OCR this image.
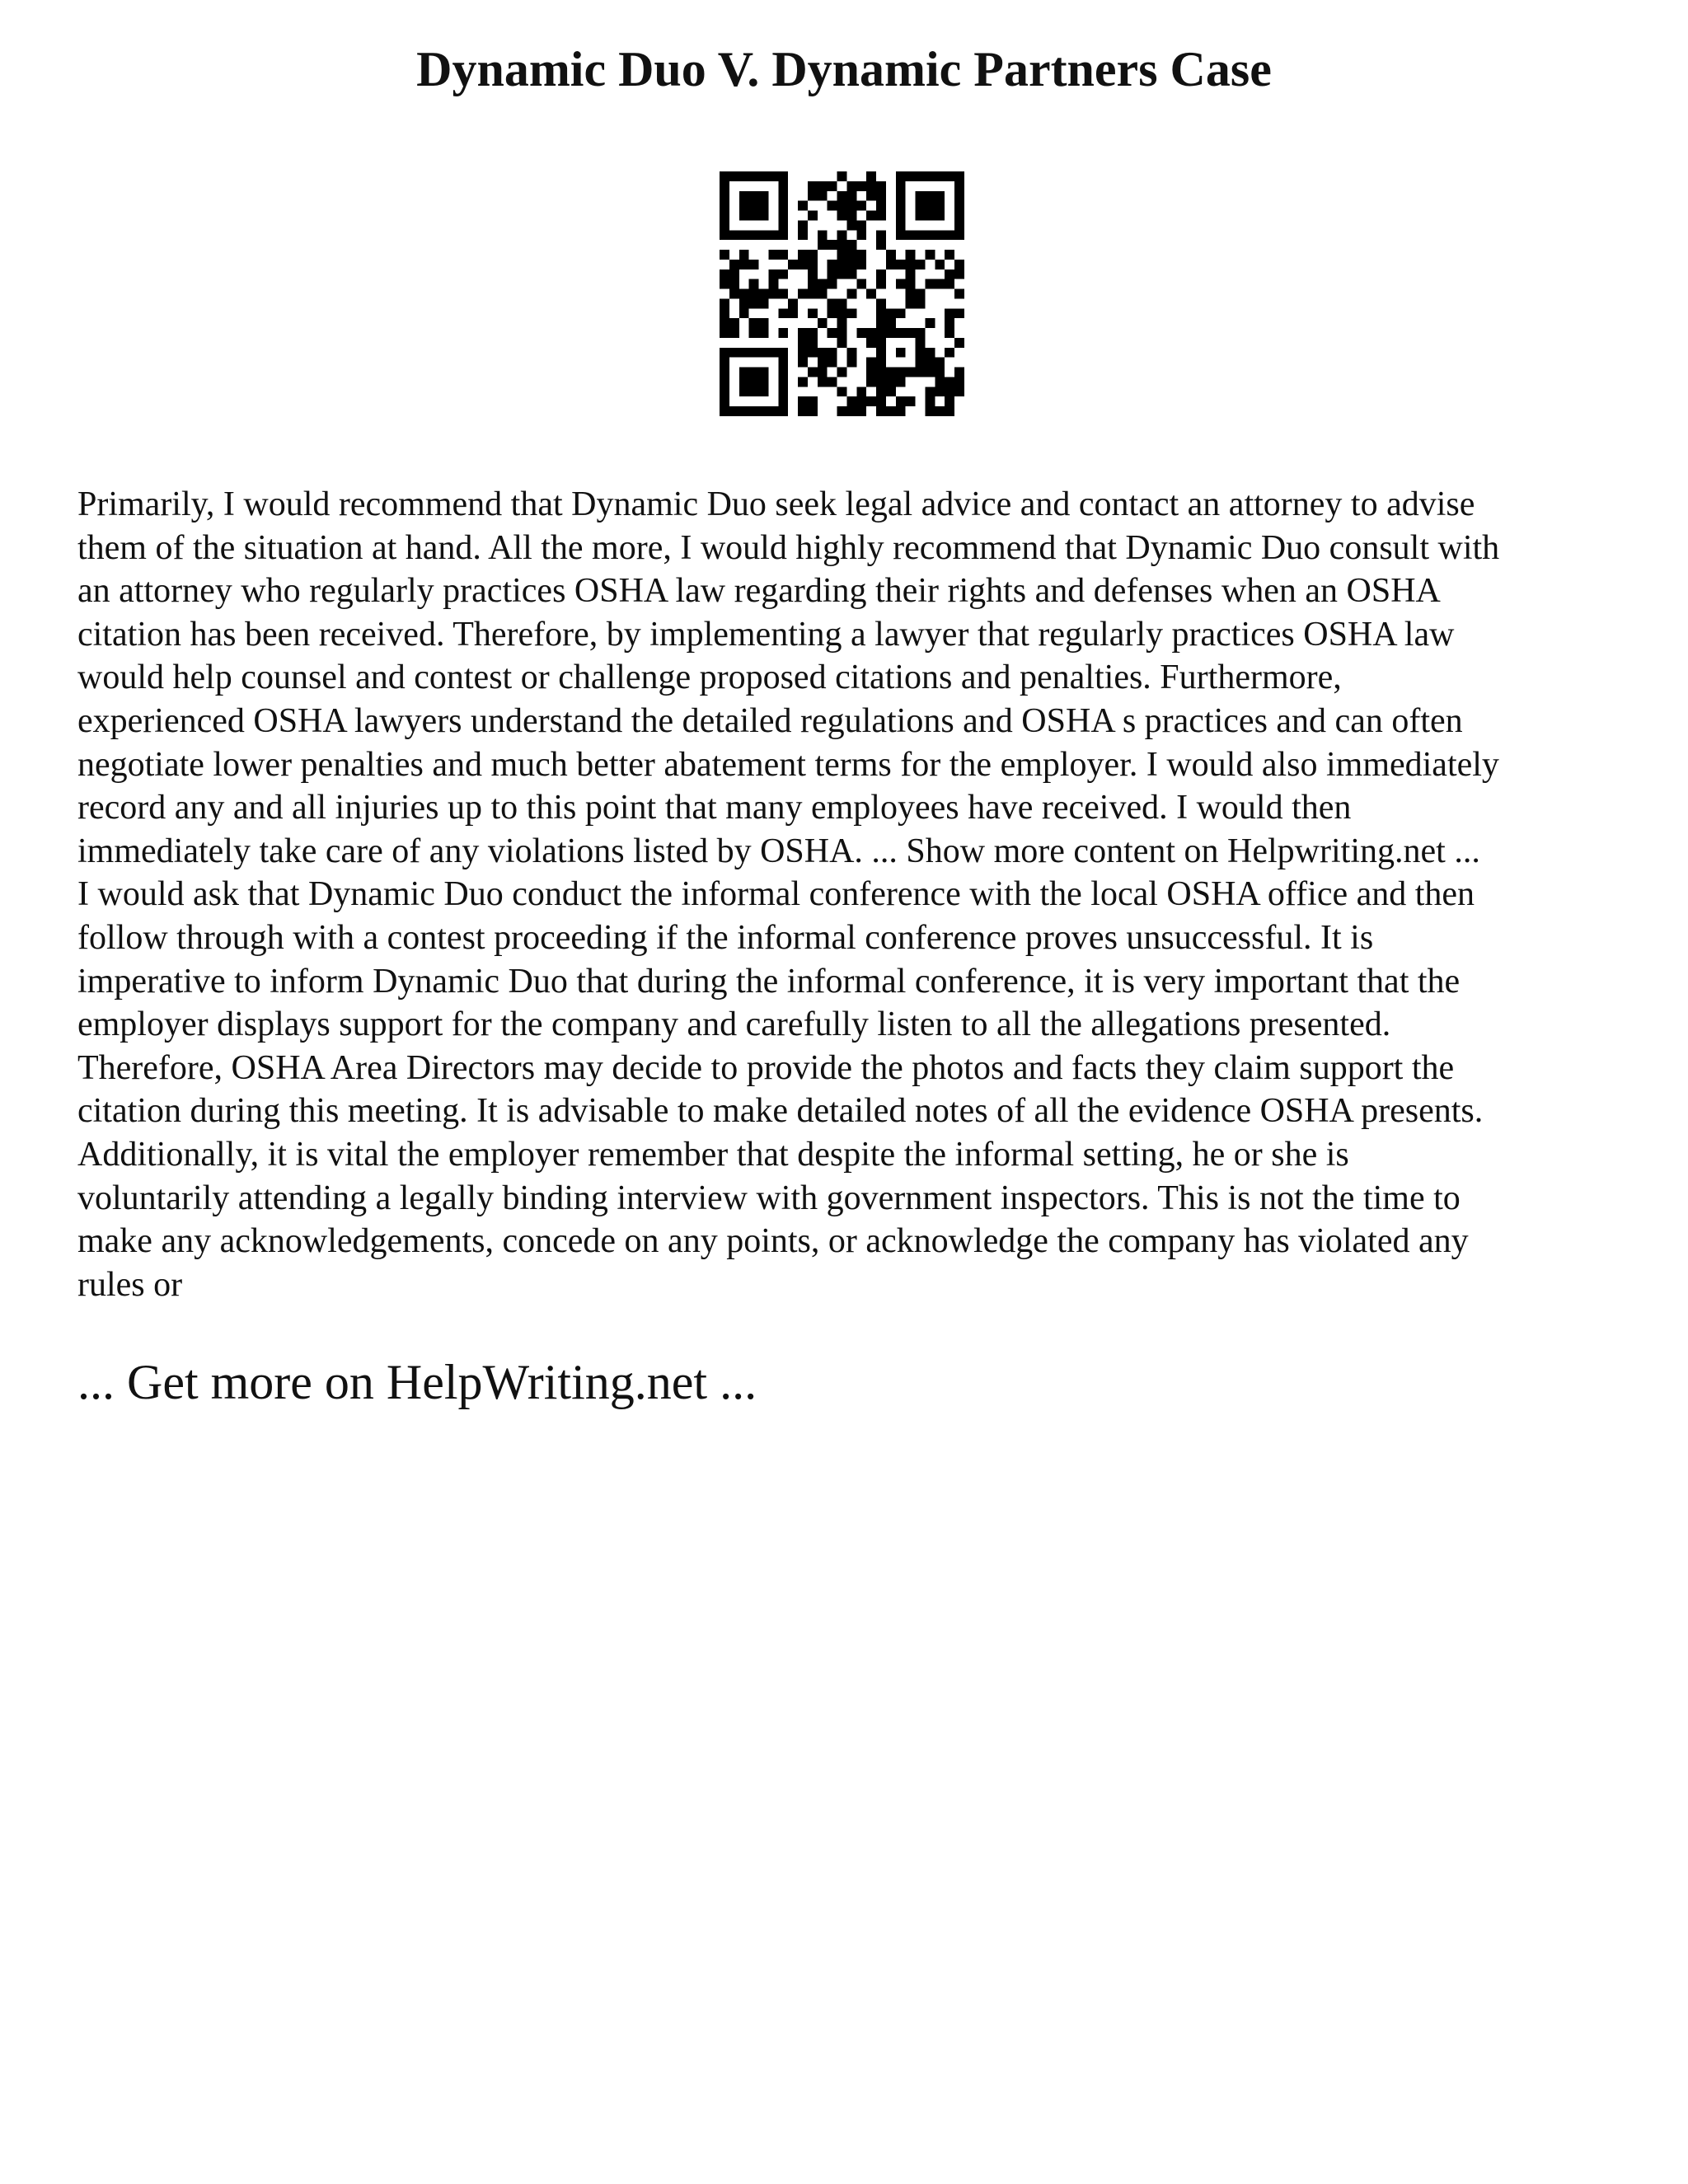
Dynamic Duo V. Dynamic Partners Case
Primarily, I would recommend that Dynamic Duo seek legal advice and contact an attorney to advise
them of the situation at hand. All the more, I would highly recommend that Dynamic Duo consult with
an attorney who regularly practices OSHA law regarding their rights and defenses when an OSHA
citation has been received. Therefore, by implementing a lawyer that regularly practices OSHA law
would help counsel and contest or challenge proposed citations and penalties. Furthermore,
experienced OSHA lawyers understand the detailed regulations and OSHA s practices and can often
negotiate lower penalties and much better abatement terms for the employer. I would also immediately
record any and all injuries up to this point that many employees have received. I would then
immediately take care of any violations listed by OSHA. ... Show more content on Helpwriting.net ...
I would ask that Dynamic Duo conduct the informal conference with the local OSHA office and then
follow through with a contest proceeding if the informal conference proves unsuccessful. It is
imperative to inform Dynamic Duo that during the informal conference, it is very important that the
employer displays support for the company and carefully listen to all the allegations presented.
Therefore, OSHA Area Directors may decide to provide the photos and facts they claim support the
citation during this meeting. It is advisable to make detailed notes of all the evidence OSHA presents.
Additionally, it is vital the employer remember that despite the informal setting, he or she is
voluntarily attending a legally binding interview with government inspectors. This is not the time to
make any acknowledgements, concede on any points, or acknowledge the company has violated any
rules or
... Get more on HelpWriting.net ...
